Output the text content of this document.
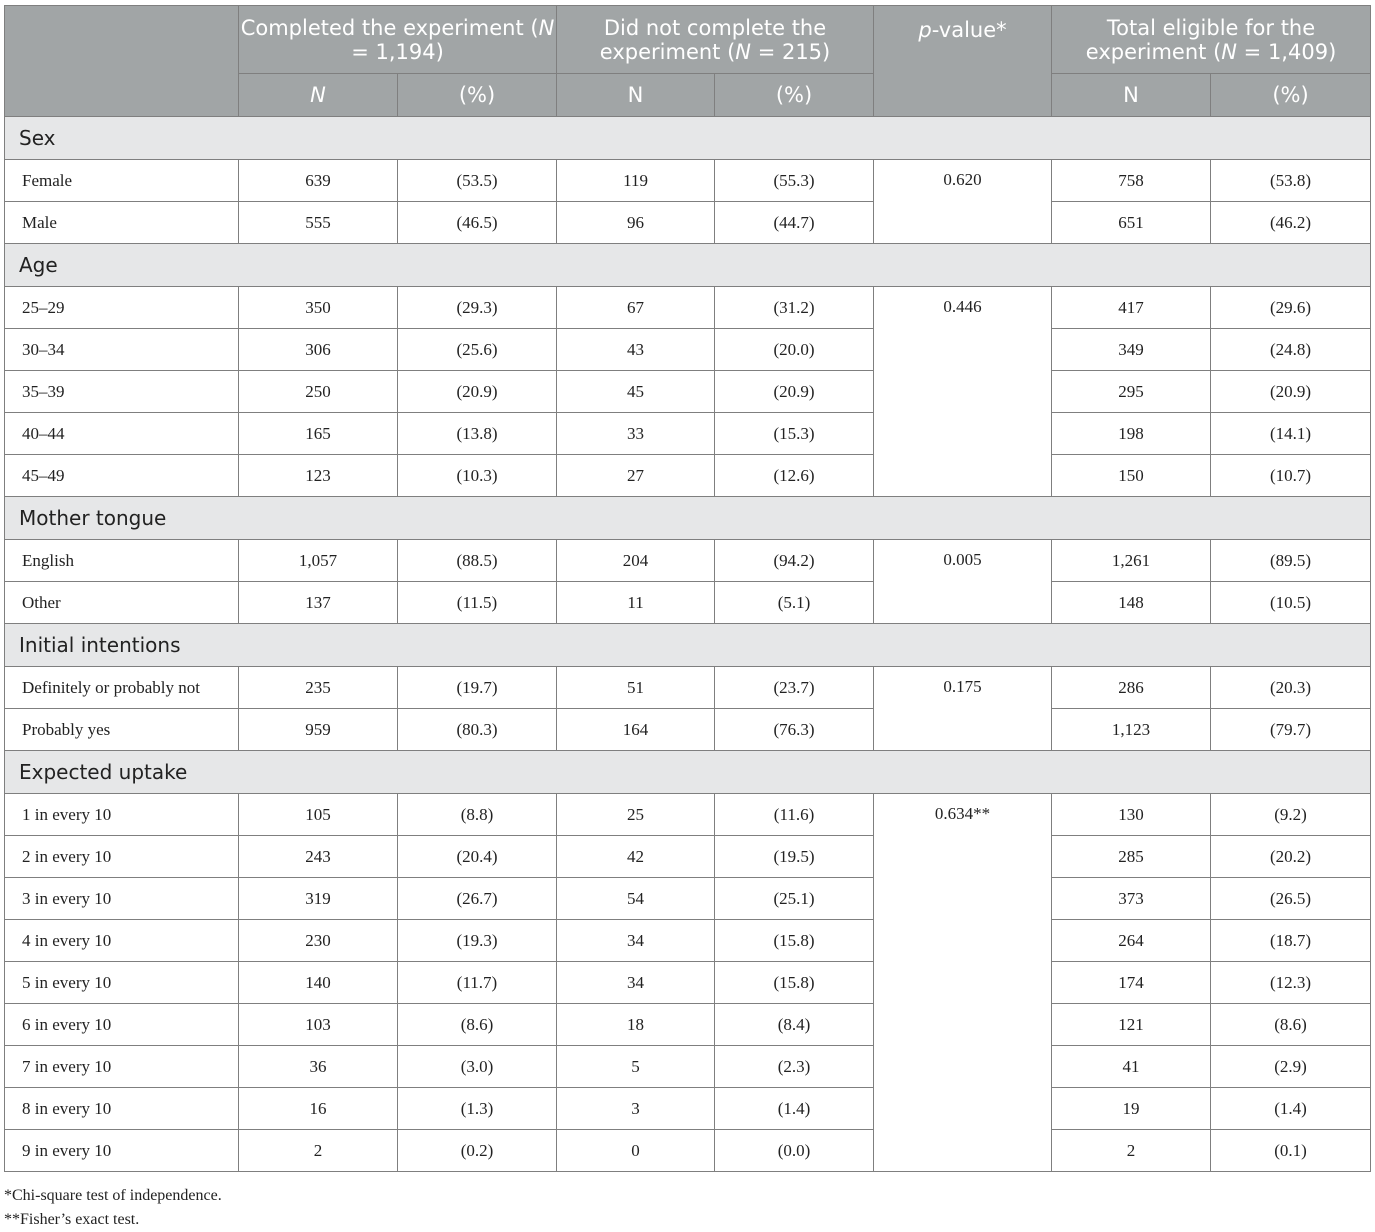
	Completed the experiment (N = 1,194)		Did not complete the experiment (N = 215)		p-value*	Total eligible for the experiment (N = 1,409)	
	N	(%)	N	(%)		N	(%)
Sex							
Female	639	(53.5)	119	(55.3)	0.620	758	(53.8)
Male	555	(46.5)	96	(44.7)		651	(46.2)
Age							
25–29	350	(29.3)	67	(31.2)	0.446	417	(29.6)
30–34	306	(25.6)	43	(20.0)		349	(24.8)
35–39	250	(20.9)	45	(20.9)		295	(20.9)
40–44	165	(13.8)	33	(15.3)		198	(14.1)
45–49	123	(10.3)	27	(12.6)		150	(10.7)
Mother tongue							
English	1,057	(88.5)	204	(94.2)	0.005	1,261	(89.5)
Other	137	(11.5)	11	(5.1)		148	(10.5)
Initial intentions							
Definitely or probably not	235	(19.7)	51	(23.7)	0.175	286	(20.3)
Probably yes	959	(80.3)	164	(76.3)		1,123	(79.7)
Expected uptake							
1 in every 10	105	(8.8)	25	(11.6)	0.634**	130	(9.2)
2 in every 10	243	(20.4)	42	(19.5)		285	(20.2)
3 in every 10	319	(26.7)	54	(25.1)		373	(26.5)
4 in every 10	230	(19.3)	34	(15.8)		264	(18.7)
5 in every 10	140	(11.7)	34	(15.8)		174	(12.3)
6 in every 10	103	(8.6)	18	(8.4)		121	(8.6)
7 in every 10	36	(3.0)	5	(2.3)		41	(2.9)
8 in every 10	16	(1.3)	3	(1.4)		19	(1.4)
9 in every 10	2	(0.2)	0	(0.0)		2	(0.1)
*Chi-square test of independence.
**Fisher’s exact test.
